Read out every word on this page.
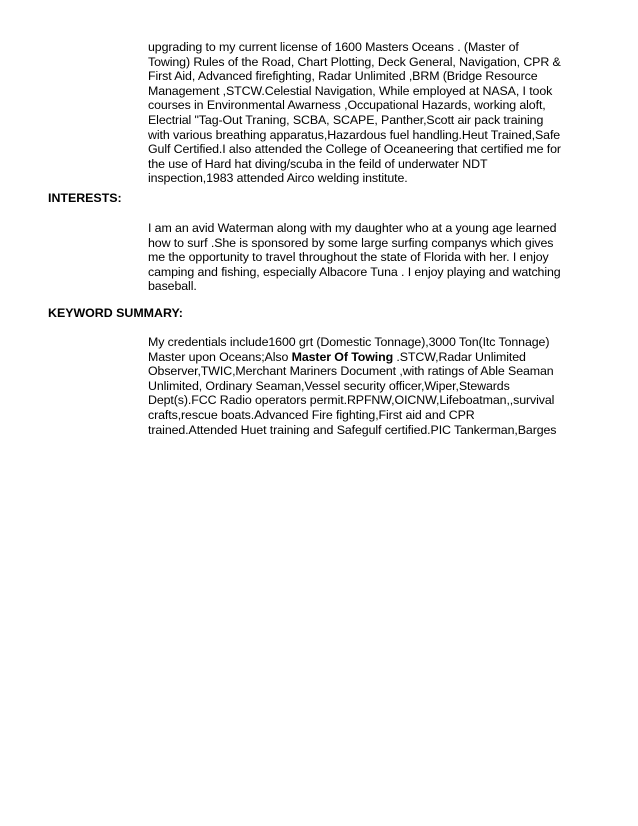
upgrading to my current license of 1600 Masters Oceans . (Master of
Towing) Rules of the Road, Chart Plotting, Deck General, Navigation, CPR &
First Aid, Advanced firefighting, Radar Unlimited ,BRM (Bridge Resource
Management ,STCW.Celestial Navigation, While employed at NASA, I took
courses in Environmental Awarness ,Occupational Hazards, working aloft,
Electrial "Tag-Out Traning, SCBA, SCAPE, Panther,Scott air pack training
with various breathing apparatus,Hazardous fuel handling.Heut Trained,Safe
Gulf Certified.I also attended the College of Oceaneering that certified me for
the use of Hard hat diving/scuba in the feild of underwater NDT
inspection,1983 attended Airco welding institute.
INTERESTS:
I am an avid Waterman along with my daughter who at a young age learned
how to surf .She is sponsored by some large surfing companys which gives
me the opportunity to travel throughout the state of Florida with her. I enjoy
camping and fishing, especially Albacore Tuna . I enjoy playing and watching
baseball.
KEYWORD SUMMARY:
My credentials include1600 grt (Domestic Tonnage),3000 Ton(Itc Tonnage)
Master upon Oceans;Also Master Of Towing .STCW,Radar Unlimited
Observer,TWIC,Merchant Mariners Document ,with ratings of Able Seaman
Unlimited, Ordinary Seaman,Vessel security officer,Wiper,Stewards
Dept(s).FCC Radio operators permit.RPFNW,OICNW,Lifeboatman,,survival
crafts,rescue boats.Advanced Fire fighting,First aid and CPR
trained.Attended Huet training and Safegulf certified.PIC Tankerman,Barges
